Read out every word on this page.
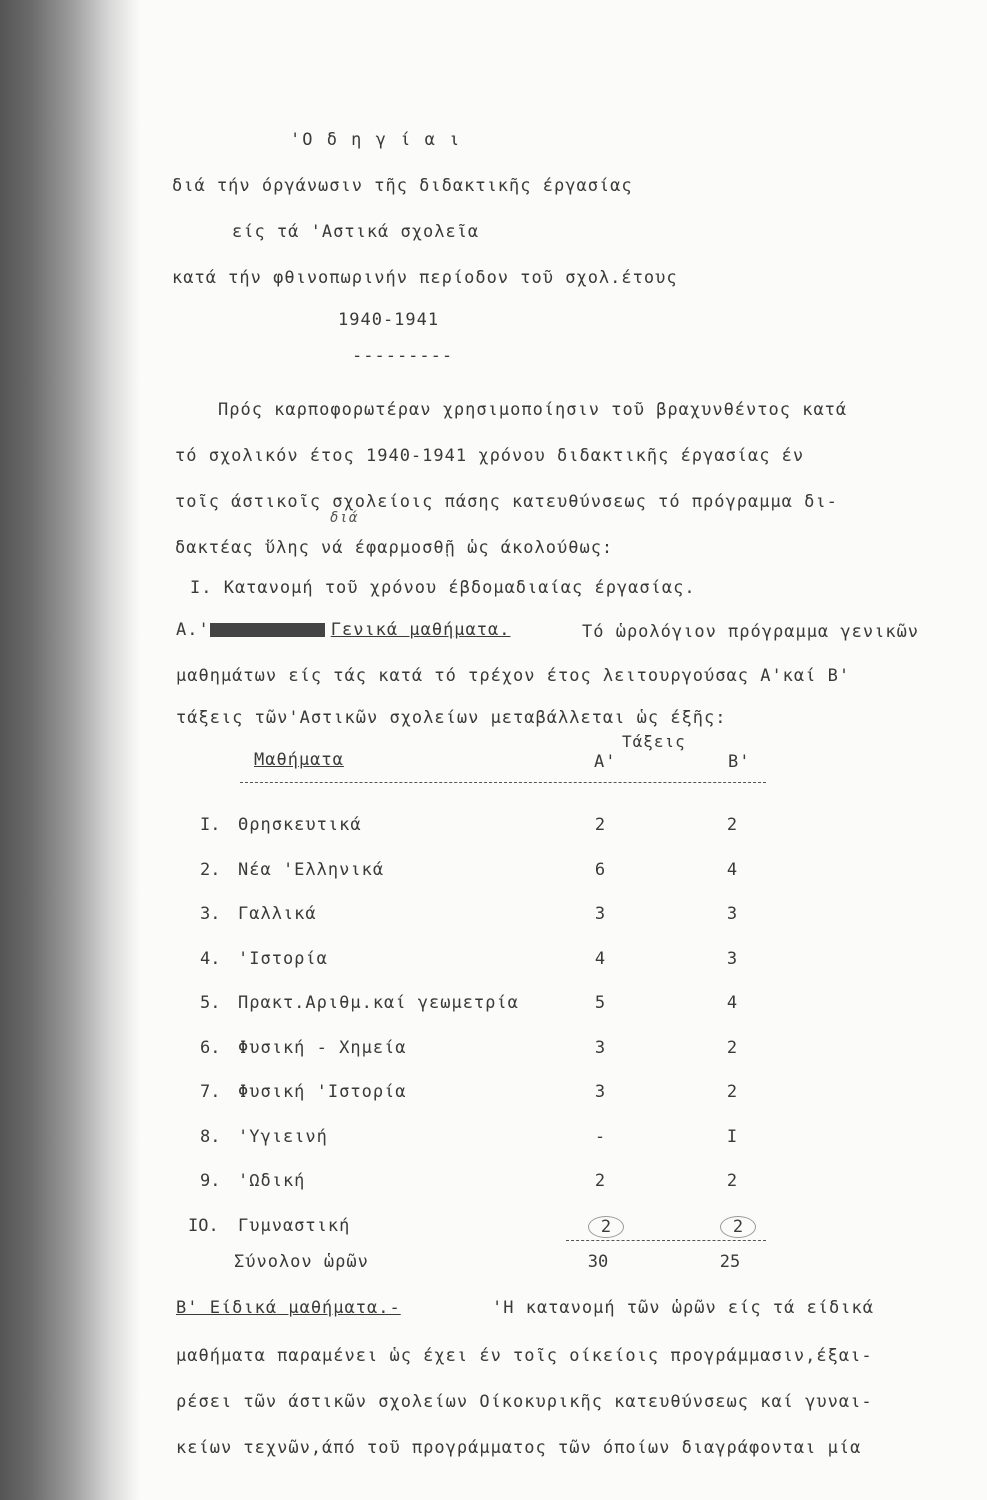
'Ο δ η γ ί α ι
διά τήν όργάνωσιν τῆς διδακτικῆς έργασίας
είς τά 'Αστικά σχολεῖα
κατά τήν φθινοπωρινήν περίοδον τοῦ σχολ.έτους
1940-1941
---------
Πρός καρποφορωτέραν χρησιμοποίησιν τοῦ βραχυνθέντος κατά
τό σχολικόν έτος 1940-1941 χρόνου διδακτικῆς έργασίας έν
τοῖς άστικοῖς σχολείοις πάσης κατευθύνσεως τό πρόγραμμα δι-
διά
δακτέας ὕλης νά έφαρμοσθῇ ὡς άκολούθως:
I. Κατανομή τοῦ χρόνου έβδομαδιαίας έργασίας.
A.'	Γενικά μαθήματα.	Τό ὡρολόγιον πρόγραμμα γενικῶν
μαθημάτων είς τάς κατά τό τρέχον έτος λειτουργούσας Α'καί Β'
τάξεις τῶν'Αστικῶν σχολείων μεταβάλλεται ὡς έξῆς:
Τάξεις
Μαθήματα	Α'	Β'
I. Θρησκευτικά	2	2
2. Νέα 'Ελληνικά	6	4
3. Γαλλικά	3	3
4. 'Ιστορία	4	3
5. Πρακτ.Αριθμ.καί γεωμετρία	5	4
6. Φυσική - Χημεία	3	2
7. Φυσική 'Ιστορία	3	2
8. 'Υγιεινή	-	I
9. 'Ωδική	2	2
IO. Γυμναστική	2	2
Σύνολον ὡρῶν	30	25
Β' Είδικά μαθήματα.-	'Η κατανομή τῶν ὡρῶν είς τά είδικά
μαθήματα παραμένει ὡς έχει έν τοῖς οίκείοις προγράμμασιν,έξαι-
ρέσει τῶν άστικῶν σχολείων Οίκοκυρικῆς κατευθύνσεως καί γυναι-
κείων τεχνῶν,άπό τοῦ προγράμματος τῶν όποίων διαγράφονται μία
